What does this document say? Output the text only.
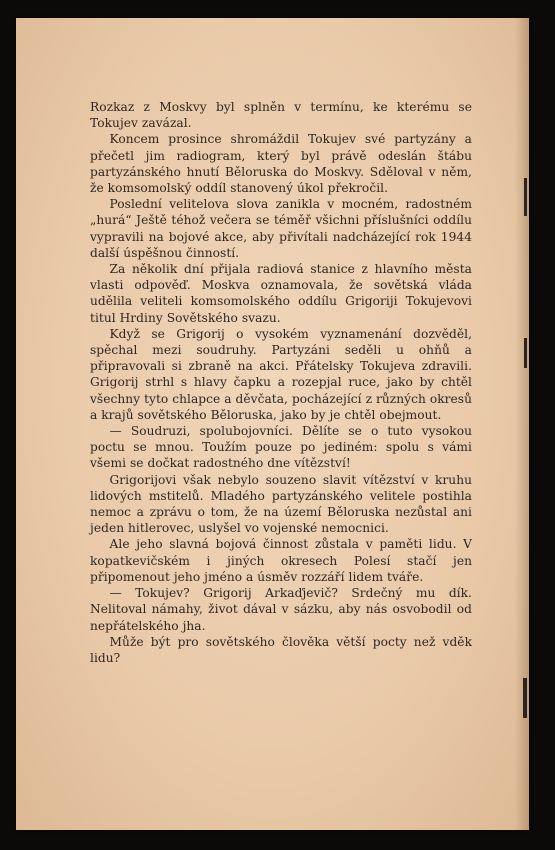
Rozkaz z Moskvy byl splněn v termínu, ke kterému se Tokujev zavázal.

Koncem prosince shromáždil Tokujev své partyzány a přečetl jim radiogram, který byl právě odeslán štábu partyzánského hnutí Běloruska do Moskvy. Sděloval v něm, že komsomolský oddíl stanovený úkol překročil.

Poslední velitelova slova zanikla v mocném, radostném „hurá“ Ještě téhož večera se téměř všichni příslušníci oddílu vypravili na bojové akce, aby přivítali nadcházející rok 1944 další úspěšnou činností.

Za několik dní přijala radiová stanice z hlavního města vlasti odpověď. Moskva oznamovala, že sovětská vláda udělila veliteli komsomolského oddílu Grigoriji Tokujevovi titul Hrdiny Sovětského svazu.

Když se Grigorij o vysokém vyznamenání dozvěděl, spěchal mezi soudruhy. Partyzáni seděli u ohňů a připravovali si zbraně na akci. Přátelsky Tokujeva zdravili. Grigorij strhl s hlavy čapku a rozepjal ruce, jako by chtěl všechny tyto chlapce a děvčata, pocházející z různých okresů a krajů sovětského Běloruska, jako by je chtěl obejmout.

— Soudruzi, spolubojovníci. Dělíte se o tuto vysokou poctu se mnou. Toužím pouze po jediném: spolu s vámi všemi se dočkat radostného dne vítězství!

Grigorijovi však nebylo souzeno slavit vítězství v kruhu lidových mstitelů. Mladého partyzánského velitele postihla nemoc a zprávu o tom, že na území Běloruska nezůstal ani jeden hitlerovec, uslyšel vo vojenské nemocnici.

Ale jeho slavná bojová činnost zůstala v paměti lidu. V kopatkevičském i jiných okresech Polesí stačí jen připomenout jeho jméno a úsměv rozzáří lidem tváře.

— Tokujev? Grigorij Arkaďjevič? Srdečný mu dík. Nelitoval námahy, život dával v sázku, aby nás osvobodil od nepřátelského jha.

Může být pro sovětského člověka větší pocty než vděk lidu?
